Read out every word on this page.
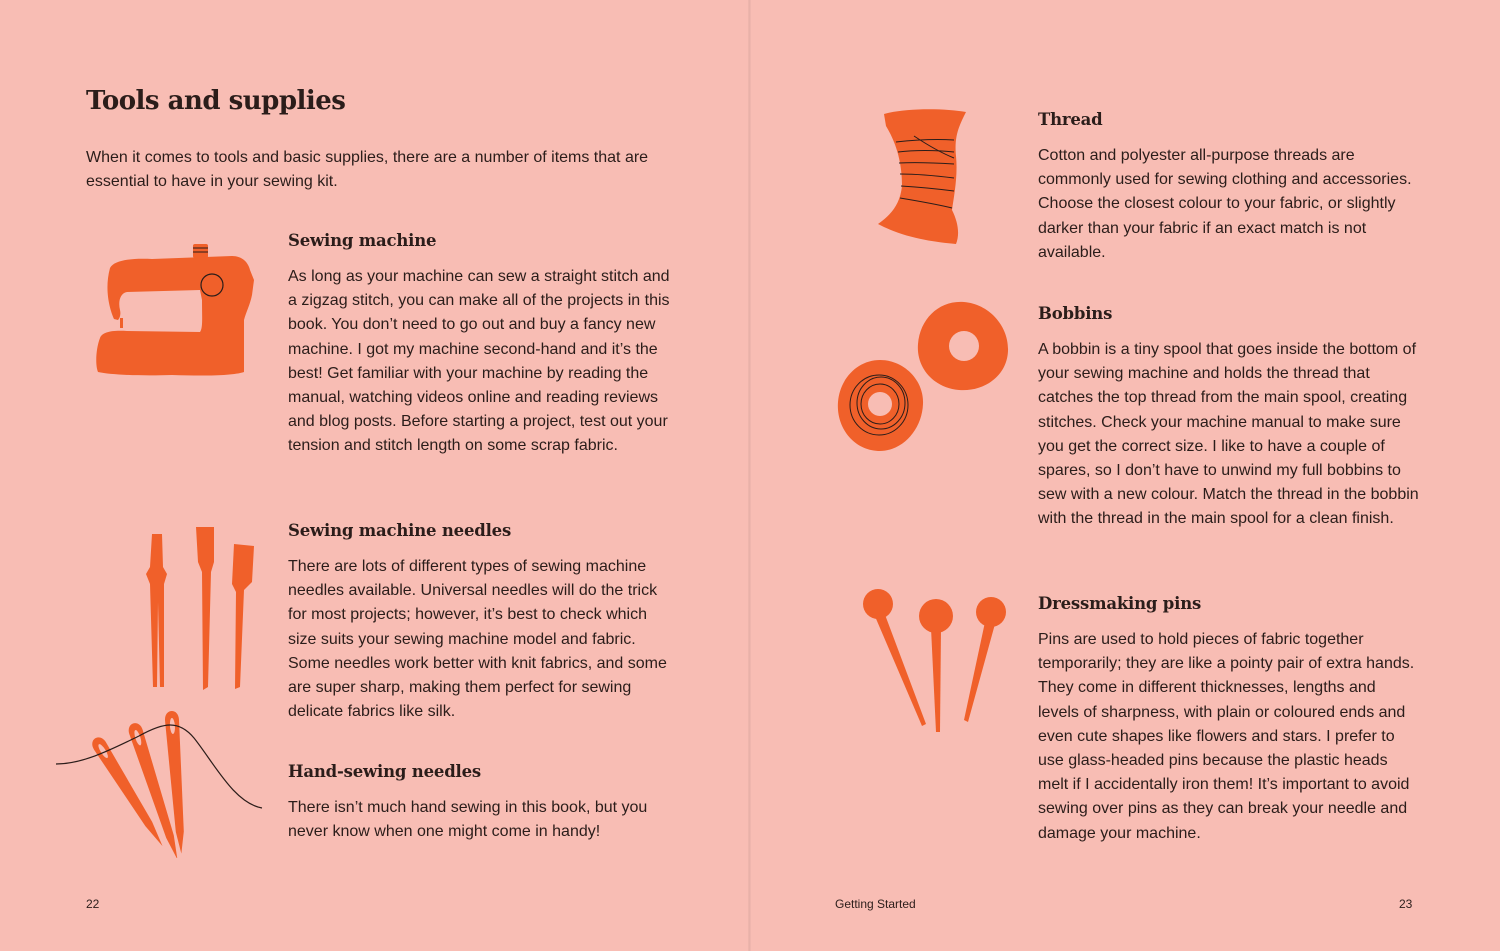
Tools and supplies

When it comes to tools and basic supplies, there are a number of items that are essential to have in your sewing kit.

Sewing machine

As long as your machine can sew a straight stitch and a zigzag stitch, you can make all of the projects in this book. You don’t need to go out and buy a fancy new machine. I got my machine second-hand and it’s the best! Get familiar with your machine by reading the manual, watching videos online and reading reviews and blog posts. Before starting a project, test out your tension and stitch length on some scrap fabric.

Sewing machine needles

There are lots of different types of sewing machine needles available. Universal needles will do the trick for most projects; however, it’s best to check which size suits your sewing machine model and fabric. Some needles work better with knit fabrics, and some are super sharp, making them perfect for sewing delicate fabrics like silk.

Hand-sewing needles

There isn’t much hand sewing in this book, but you never know when one might come in handy!

22

Thread

Cotton and polyester all-purpose threads are commonly used for sewing clothing and accessories. Choose the closest colour to your fabric, or slightly darker than your fabric if an exact match is not available.

Bobbins

A bobbin is a tiny spool that goes inside the bottom of your sewing machine and holds the thread that catches the top thread from the main spool, creating stitches. Check your machine manual to make sure you get the correct size. I like to have a couple of spares, so I don’t have to unwind my full bobbins to sew with a new colour. Match the thread in the bobbin with the thread in the main spool for a clean finish.

Dressmaking pins

Pins are used to hold pieces of fabric together temporarily; they are like a pointy pair of extra hands. They come in different thicknesses, lengths and levels of sharpness, with plain or coloured ends and even cute shapes like flowers and stars. I prefer to use glass-headed pins because the plastic heads melt if I accidentally iron them! It’s important to avoid sewing over pins as they can break your needle and damage your machine.

Getting Started	23
